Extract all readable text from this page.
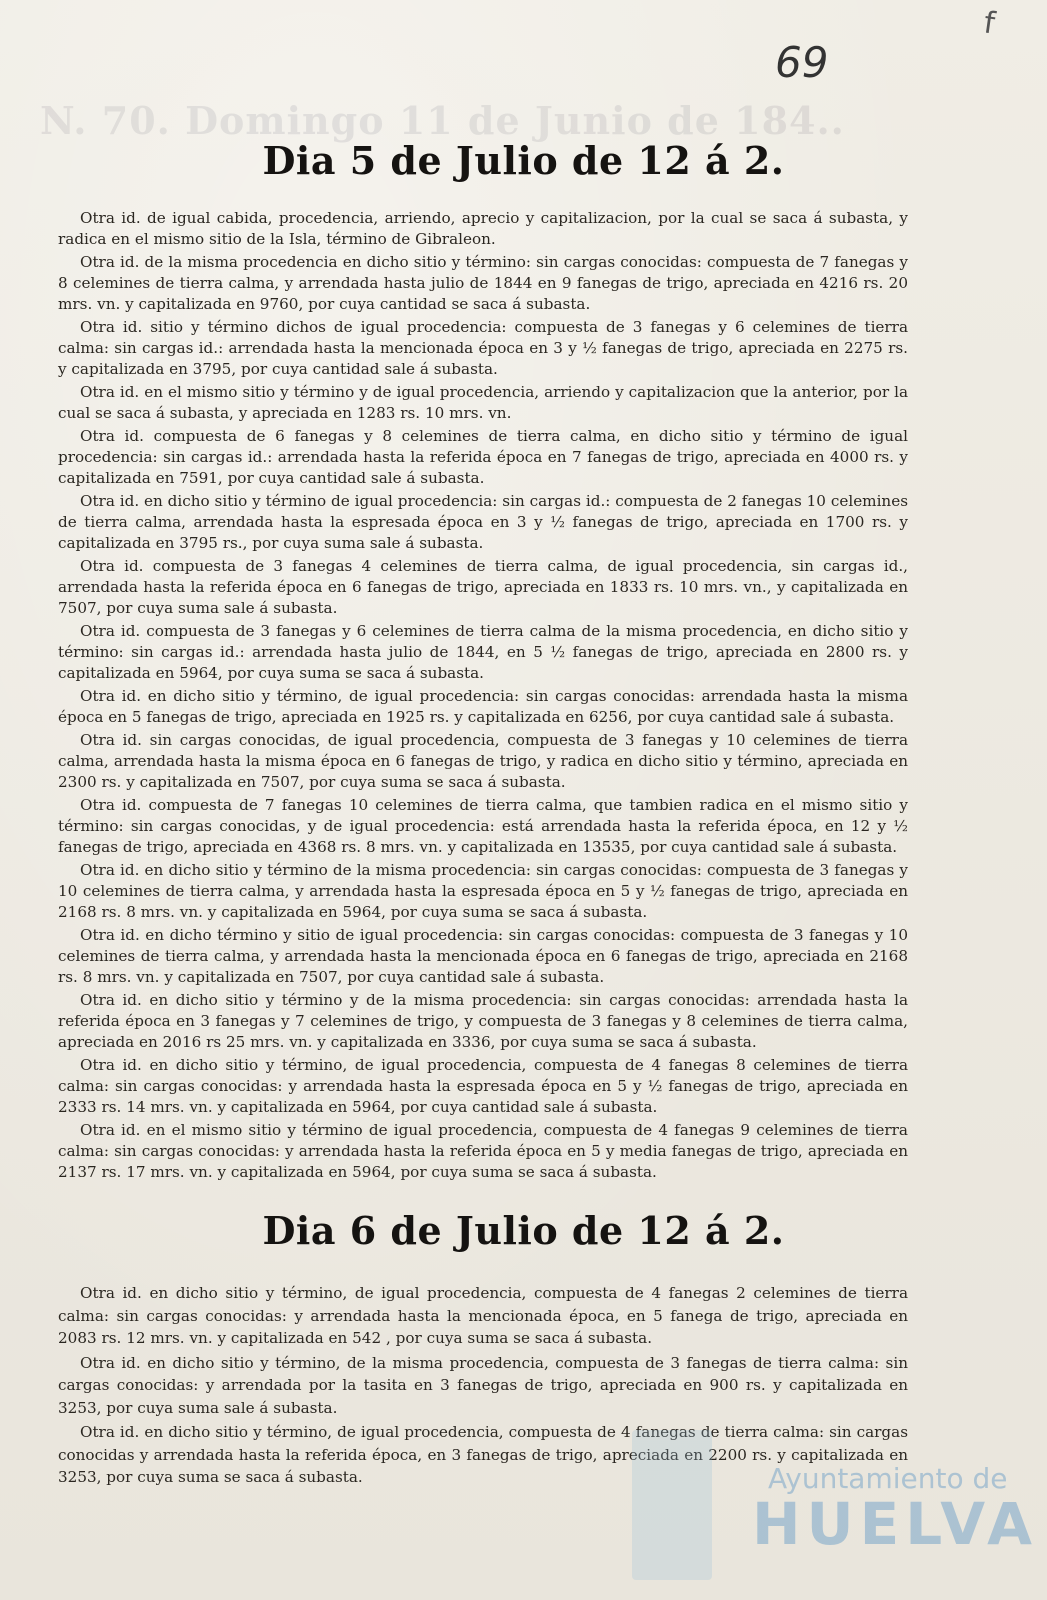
f
69
N. 70. Domingo 11 de Junio de 184..
Dia 5 de Julio de 12 á 2.

Otra id. de igual cabida, procedencia, arriendo, aprecio y capitalizacion, por la cual se saca á subasta, y radica en el mismo sitio de la Isla, término de Gibraleon.

Otra id. de la misma procedencia en dicho sitio y término: sin cargas conocidas: compuesta de 7 fanegas y 8 celemines de tierra calma, y arrendada hasta julio de 1844 en 9 fanegas de trigo, apreciada en 4216 rs. 20 mrs. vn. y capitalizada en 9760, por cuya cantidad se saca á subasta.

Otra id. sitio y término dichos de igual procedencia: compuesta de 3 fanegas y 6 celemines de tierra calma: sin cargas id.: arrendada hasta la mencionada época en 3 y ½ fanegas de trigo, apreciada en 2275 rs. y capitalizada en 3795, por cuya cantidad sale á subasta.

Otra id. en el mismo sitio y término y de igual procedencia, arriendo y capitalizacion que la anterior, por la cual se saca á subasta, y apreciada en 1283 rs. 10 mrs. vn.

Otra id. compuesta de 6 fanegas y 8 celemines de tierra calma, en dicho sitio y término de igual procedencia: sin cargas id.: arrendada hasta la referida época en 7 fanegas de trigo, apreciada en 4000 rs. y capitalizada en 7591, por cuya cantidad sale á subasta.

Otra id. en dicho sitio y término de igual procedencia: sin cargas id.: compuesta de 2 fanegas 10 celemines de tierra calma, arrendada hasta la espresada época en 3 y ½ fanegas de trigo, apreciada en 1700 rs. y capitalizada en 3795 rs., por cuya suma sale á subasta.

Otra id. compuesta de 3 fanegas 4 celemines de tierra calma, de igual procedencia, sin cargas id., arrendada hasta la referida época en 6 fanegas de trigo, apreciada en 1833 rs. 10 mrs. vn., y capitalizada en 7507, por cuya suma sale á subasta.

Otra id. compuesta de 3 fanegas y 6 celemines de tierra calma de la misma procedencia, en dicho sitio y término: sin cargas id.: arrendada hasta julio de 1844, en 5 ½ fanegas de trigo, apreciada en 2800 rs. y capitalizada en 5964, por cuya suma se saca á subasta.

Otra id. en dicho sitio y término, de igual procedencia: sin cargas conocidas: arrendada hasta la misma época en 5 fanegas de trigo, apreciada en 1925 rs. y capitalizada en 6256, por cuya cantidad sale á subasta.

Otra id. sin cargas conocidas, de igual procedencia, compuesta de 3 fanegas y 10 celemines de tierra calma, arrendada hasta la misma época en 6 fanegas de trigo, y radica en dicho sitio y término, apreciada en 2300 rs. y capitalizada en 7507, por cuya suma se saca á subasta.

Otra id. compuesta de 7 fanegas 10 celemines de tierra calma, que tambien radica en el mismo sitio y término: sin cargas conocidas, y de igual procedencia: está arrendada hasta la referida época, en 12 y ½ fanegas de trigo, apreciada en 4368 rs. 8 mrs. vn. y capitalizada en 13535, por cuya cantidad sale á subasta.

Otra id. en dicho sitio y término de la misma procedencia: sin cargas conocidas: compuesta de 3 fanegas y 10 celemines de tierra calma, y arrendada hasta la espresada época en 5 y ½ fanegas de trigo, apreciada en 2168 rs. 8 mrs. vn. y capitalizada en 5964, por cuya suma se saca á subasta.

Otra id. en dicho término y sitio de igual procedencia: sin cargas conocidas: compuesta de 3 fanegas y 10 celemines de tierra calma, y arrendada hasta la mencionada época en 6 fanegas de trigo, apreciada en 2168 rs. 8 mrs. vn. y capitalizada en 7507, por cuya cantidad sale á subasta.

Otra id. en dicho sitio y término y de la misma procedencia: sin cargas conocidas: arrendada hasta la referida época en 3 fanegas y 7 celemines de trigo, y compuesta de 3 fanegas y 8 celemines de tierra calma, apreciada en 2016 rs 25 mrs. vn. y capitalizada en 3336, por cuya suma se saca á subasta.

Otra id. en dicho sitio y término, de igual procedencia, compuesta de 4 fanegas 8 celemines de tierra calma: sin cargas conocidas: y arrendada hasta la espresada época en 5 y ½ fanegas de trigo, apreciada en 2333 rs. 14 mrs. vn. y capitalizada en 5964, por cuya cantidad sale á subasta.

Otra id. en el mismo sitio y término de igual procedencia, compuesta de 4 fanegas 9 celemines de tierra calma: sin cargas conocidas: y arrendada hasta la referida época en 5 y media fanegas de trigo, apreciada en 2137 rs. 17 mrs. vn. y capitalizada en 5964, por cuya suma se saca á subasta.

Dia 6 de Julio de 12 á 2.

Otra id. en dicho sitio y término, de igual procedencia, compuesta de 4 fanegas 2 celemines de tierra calma: sin cargas conocidas: y arrendada hasta la mencionada época, en 5 fanega de trigo, apreciada en 2083 rs. 12 mrs. vn. y capitalizada en 542 , por cuya suma se saca á subasta.

Otra id. en dicho sitio y término, de la misma procedencia, compuesta de 3 fanegas de tierra calma: sin cargas conocidas: y arrendada por la tasita en 3 fanegas de trigo, apreciada en 900 rs. y capitalizada en 3253, por cuya suma sale á subasta.

Otra id. en dicho sitio y término, de igual procedencia, compuesta de 4 fanegas de tierra calma: sin cargas conocidas y arrendada hasta la referida época, en 3 fanegas de trigo, apreciada en 2200 rs. y capitalizada en 3253, por cuya suma se saca á subasta.	Ayuntamiento de
HUELVA
